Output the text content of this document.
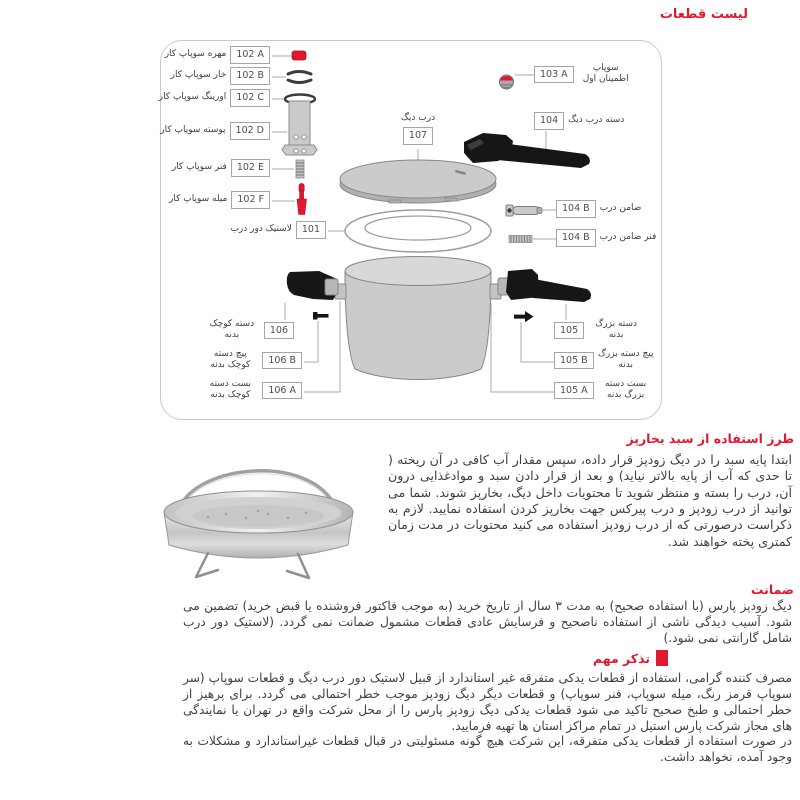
لیست قطعات
مهره سوپاپ کار	102 A
خار سوپاپ کار	102 B
اورینگ سوپاپ کار	102 C
پوسته سوپاپ کار	102 D
فنر سوپاپ کار	102 E
میله سوپاپ کار	102 F
لاستیک دور درب	101
درب دیگ
107
103 A
سوپاپ اطمینان اول
104	دسته درب دیگ
104 B	ضامن درب
104 B	فنر ضامن درب
105
دسته بزرگ بدنه
105 B
پیچ دسته بزرگ بدنه
105 A
بست دسته بزرگ بدنه
دسته کوچک بدنه	106
پیچ دسته کوچک بدنه	106 B
بست دسته کوچک بدنه	106 A
طرز استفاده از سبد بخارپز
ابتدا پایه سبد را در دیگ زودپز قرار داده، سپس مقدار آب کافی در آن ریخته ( تا حدی که آب از پایه بالاتر نیاید) و بعد از قرار دادن سبد و موادغذایی درون آن، درب را بسته و منتظر شوید تا محتویات داخل دیگ، بخارپز شوند. شما می توانید از درب زودپز و درب پیرکس جهت بخارپز کردن استفاده نمایید. لازم به ذکراست درصورتی که از درب زودپز استفاده می کنید محتویات در مدت زمان کمتری پخته خواهند شد.
ضمانت
دیگ زودپز پارس (با استفاده صحیح) به مدت ۳ سال از تاریخ خرید (به موجب فاکتور فروشنده یا قبض خرید) تضمین می شود. آسیب دیدگی ناشی از استفاده ناصحیح و فرسایش عادی قطعات مشمول ضمانت نمی گردد. (لاستیک دور درب شامل گارانتی نمی شود.)
تذکر مهم

مصرف کننده گرامی، استفاده از قطعات یدکی متفرقه غیر استاندارد از قبیل لاستیک دور درب دیگ و قطعات سوپاپ (سر سوپاپ قرمز رنگ، میله سوپاپ، فنر سوپاپ) و قطعات دیگر دیگ زودپز موجب خطر احتمالی می گردد. برای پرهیز از خطر احتمالی و طبخ صحیح تاکید می شود قطعات یدکی دیگ زودپز پارس را از محل شرکت واقع در تهران یا نمایندگی های مجاز شرکت پارس استیل در تمام مراکز استان ها تهیه فرمایید.

در صورت استفاده از قطعات یدکی متفرقه، این شرکت هیچ گونه مسئولیتی در قبال قطعات غیراستاندارد و مشکلات به وجود آمده، نخواهد داشت.
